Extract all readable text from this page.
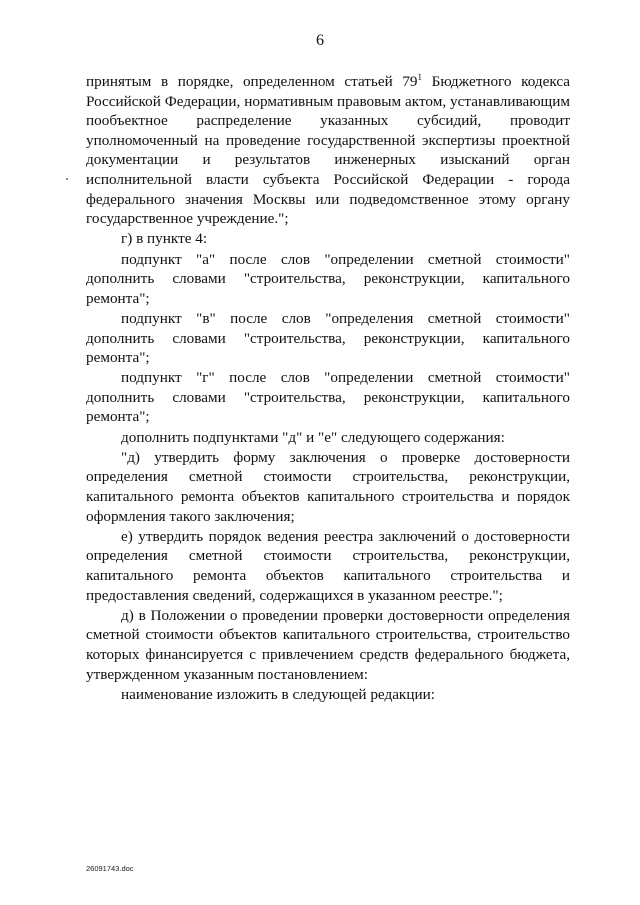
6

принятым в порядке, определенном статьей $79^1$ Бюджетного кодекса Российской Федерации, нормативным правовым актом, устанавливающим пообъектное распределение указанных субсидий, проводит уполномоченный на проведение государственной экспертизы проектной документации и результатов инженерных изысканий орган исполнительной власти субъекта Российской Федерации - города федерального значения Москвы или подведомственное этому органу государственное учреждение.";

г) в пункте 4:

подпункт "а" после слов "определении сметной стоимости" дополнить словами "строительства, реконструкции, капитального ремонта";

подпункт "в" после слов "определения сметной стоимости" дополнить словами "строительства, реконструкции, капитального ремонта";

подпункт "г" после слов "определении сметной стоимости" дополнить словами "строительства, реконструкции, капитального ремонта";

дополнить подпунктами "д" и "е" следующего содержания:

"д) утвердить форму заключения о проверке достоверности определения сметной стоимости строительства, реконструкции, капитального ремонта объектов капитального строительства и порядок оформления такого заключения;

е) утвердить порядок ведения реестра заключений о достоверности определения сметной стоимости строительства, реконструкции, капитального ремонта объектов капитального строительства и предоставления сведений, содержащихся в указанном реестре.";

д) в Положении о проведении проверки достоверности определения сметной стоимости объектов капитального строительства, строительство которых финансируется с привлечением средств федерального бюджета, утвержденном указанным постановлением:

наименование изложить в следующей редакции:

26091743.doc
